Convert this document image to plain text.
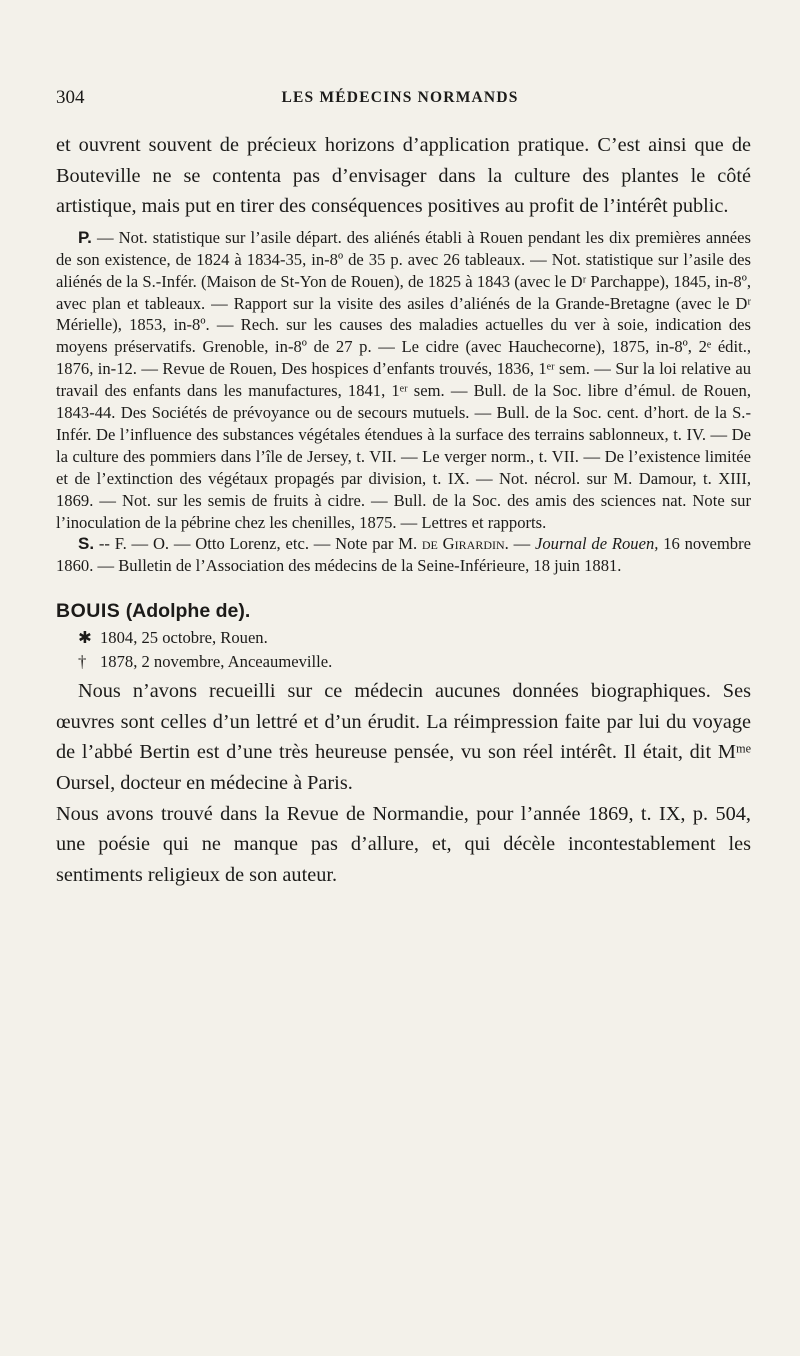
304	LES MÉDECINS NORMANDS

et ouvrent souvent de précieux horizons d’application pratique. C’est ainsi que de Bouteville ne se contenta pas d’envisager dans la culture des plantes le côté artistique, mais put en tirer des conséquences positives au profit de l’intérêt public.

P. — Not. statistique sur l’asile départ. des aliénés établi à Rouen pendant les dix premières années de son existence, de 1824 à 1834-35, in-8º de 35 p. avec 26 tableaux. — Not. statistique sur l’asile des aliénés de la S.-Infér. (Maison de St-Yon de Rouen), de 1825 à 1843 (avec le Dʳ Parchappe), 1845, in-8º, avec plan et tableaux. — Rapport sur la visite des asiles d’aliénés de la Grande-Bretagne (avec le Dʳ Mérielle), 1853, in-8º. — Rech. sur les causes des maladies actuelles du ver à soie, indication des moyens préservatifs. Grenoble, in-8º de 27 p. — Le cidre (avec Hauchecorne), 1875, in-8º, 2ᵉ édit., 1876, in-12. — Revue de Rouen, Des hospices d’enfants trouvés, 1836, 1ᵉʳ sem. — Sur la loi relative au travail des enfants dans les manufactures, 1841, 1ᵉʳ sem. — Bull. de la Soc. libre d’émul. de Rouen, 1843-44. Des Sociétés de prévoyance ou de secours mutuels. — Bull. de la Soc. cent. d’hort. de la S.-Infér. De l’influence des substances végétales étendues à la surface des terrains sablonneux, t. IV. — De la culture des pommiers dans l’île de Jersey, t. VII. — Le verger norm., t. VII. — De l’existence limitée et de l’extinction des végétaux propagés par division, t. IX. — Not. nécrol. sur M. Damour, t. XIII, 1869. — Not. sur les semis de fruits à cidre. — Bull. de la Soc. des amis des sciences nat. Note sur l’inoculation de la pébrine chez les chenilles, 1875. — Lettres et rapports.

S. -- F. — O. — Otto Lorenz, etc. — Note par M. de Girardin. — Journal de Rouen, 16 novembre 1860. — Bulletin de l’Association des médecins de la Seine-Inférieure, 18 juin 1881.

BOUIS (Adolphe de).

✱ 1804, 25 octobre, Rouen.

† 1878, 2 novembre, Anceaumeville.

Nous n’avons recueilli sur ce médecin aucunes données biographiques. Ses œuvres sont celles d’un lettré et d’un érudit. La réimpression faite par lui du voyage de l’abbé Bertin est d’une très heureuse pensée, vu son réel intérêt. Il était, dit Mᵐᵉ Oursel, docteur en médecine à Paris.

Nous avons trouvé dans la Revue de Normandie, pour l’année 1869, t. IX, p. 504, une poésie qui ne manque pas d’allure, et, qui décèle incontestablement les sentiments religieux de son auteur.
